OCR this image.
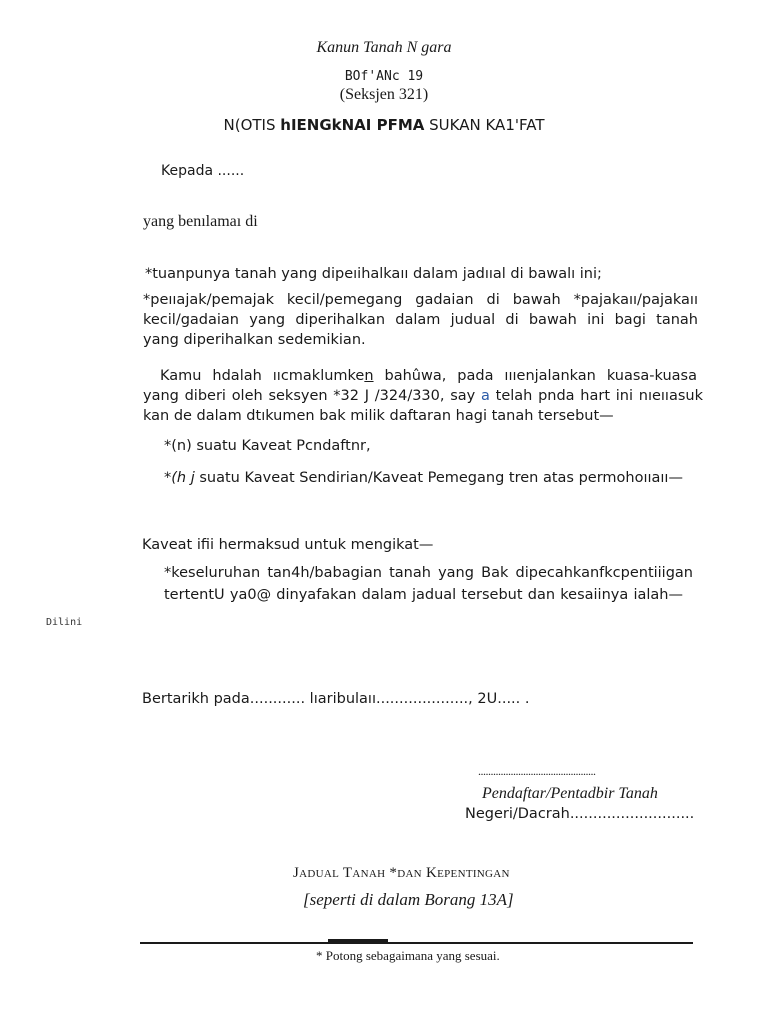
Kanun Tanah N gara
BOf'ANc 19
(Seksjen 321)
N(OTIS hIENGkNAI PFMA SUKAN KA1'FAT
Kepada ......
yang benılamaı di
*tuanpunya tanah yang dipeıihalkaıı dalam jadııal di bawalı ini;
*peııajak/pemajak kecil/pemegang gadaian di bawah *pajakaıı/pajakaıı
kecil/gadaian yang diperihalkan dalam judual di bawah ini bagi tanah
yang diperihalkan sedemikian.
Kamu hdalah ııcmaklumken bahûwa, pada ıııenjalankan kuasa-kuasa
yang diberi oleh seksyen *32 J /324/330, say a telah pnda hart ini nıeııasuk
kan de dalam dtıkumen bak milik daftaran hagi tanah tersebut—
*(n) suatu Kaveat Pcndaftnr,
*(h j suatu Kaveat Sendirian/Kaveat Pemegang tren atas permohoııaıı—
Kaveat ifii hermaksud untuk mengikat—
*keseluruhan tan4h/babagian tanah yang Bak dipecahkanfkcpentiiigan
tertentU ya0@ dinyafakan dalam jadual tersebut dan kesaiinya ialah—
Dilini
Bertarikh pada............ lıaribulaıı...................., 2U..... .
...............................................
Pendaftar/Pentadbir Tanah
Negeri/Dacrah...........................
Jadual Tanah *dan Kepentingan
[seperti di dalam Borang 13A]
* Potong sebagaimana yang sesuai.
